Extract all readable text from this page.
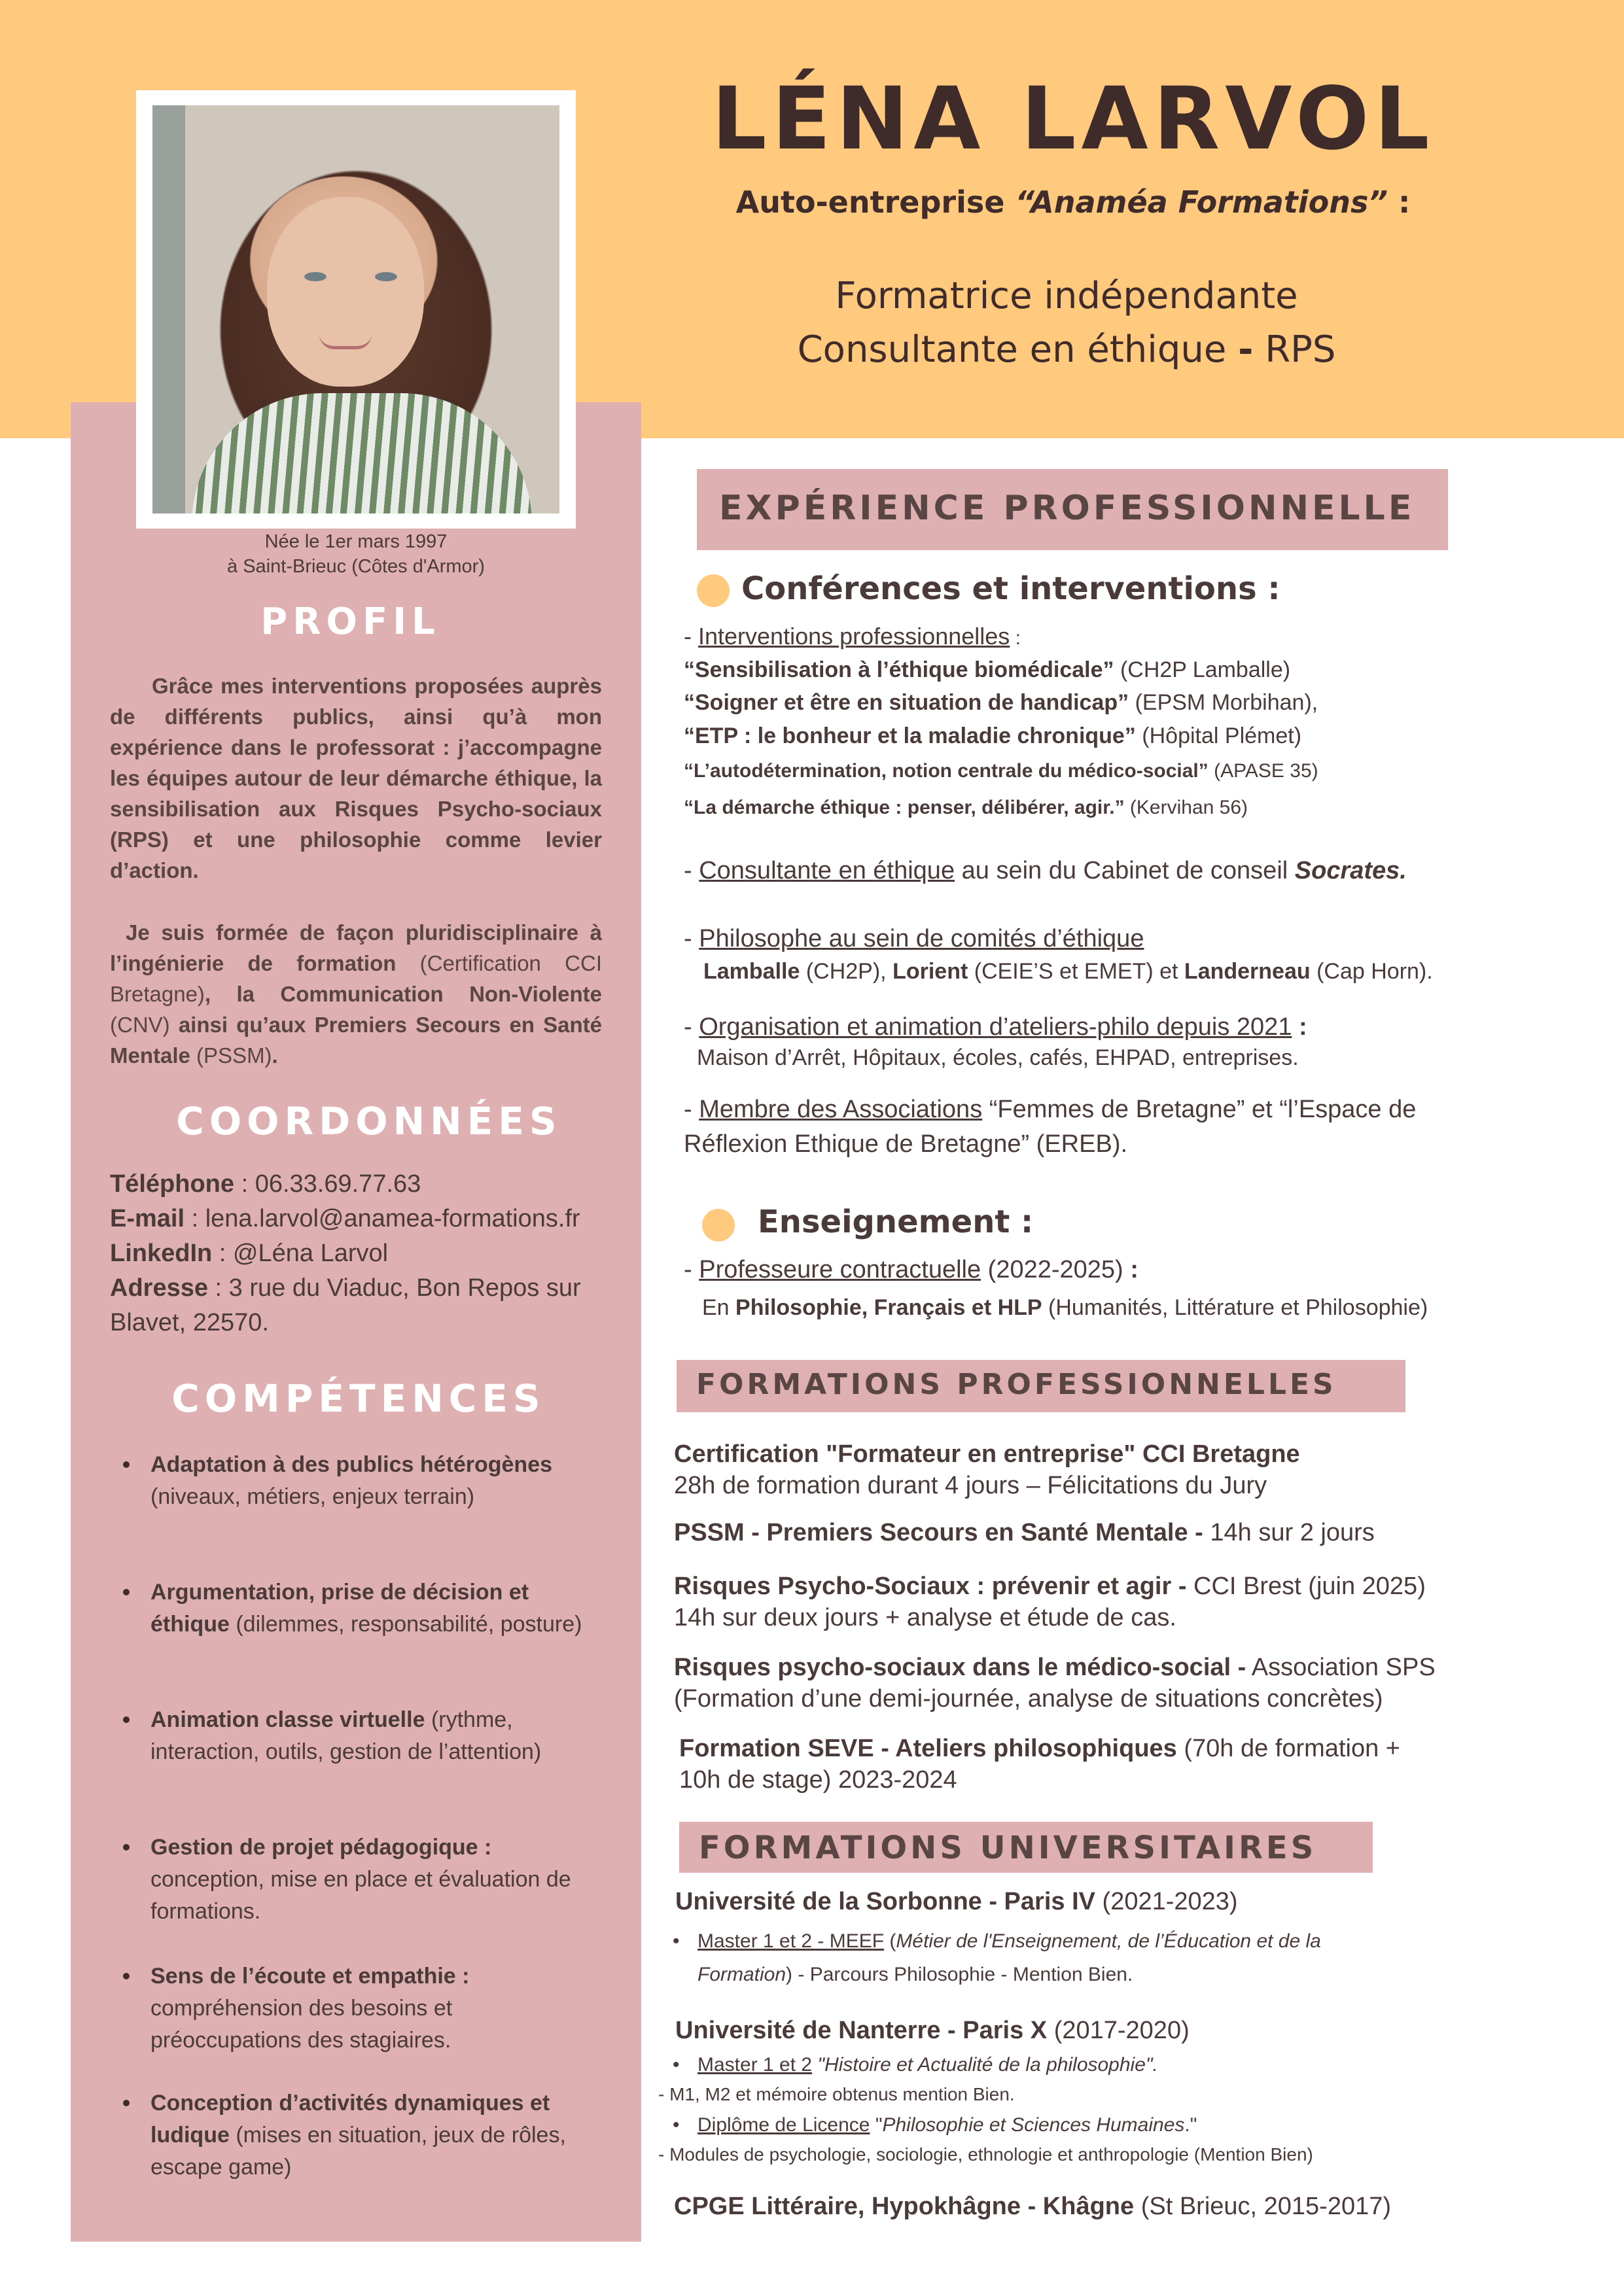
LÉNA LARVOL
Auto-entreprise “Anaméa Formations” :
Formatrice indépendante
Consultante en éthique - RPS
Née le 1er mars 1997
à Saint-Brieuc (Côtes d'Armor)
PROFIL
Grâce mes interventions proposées auprès de différents publics, ainsi qu’à mon expérience dans le professorat : j’accompagne les équipes autour de leur démarche éthique, la sensibilisation aux Risques Psycho-sociaux (RPS) et une philosophie comme levier d’action.
Je suis formée de façon pluridisciplinaire à l’ingénierie de formation (Certification CCI Bretagne), la Communication Non-Violente (CNV) ainsi qu’aux Premiers Secours en Santé Mentale (PSSM).
COORDONNÉES
Téléphone : 06.33.69.77.63
E-mail : lena.larvol@anamea-formations.fr
LinkedIn : @Léna Larvol
Adresse : 3 rue du Viaduc, Bon Repos sur
Blavet, 22570.
COMPÉTENCES
Adaptation à des publics hétérogènes (niveaux, métiers, enjeux terrain)
Argumentation, prise de décision et éthique (dilemmes, responsabilité, posture)
Animation classe virtuelle (rythme, interaction, outils, gestion de l’attention)
Gestion de projet pédagogique : conception, mise en place et évaluation de formations.
Sens de l’écoute et empathie : compréhension des besoins et préoccupations des stagiaires.
Conception d’activités dynamiques et ludique (mises en situation, jeux de rôles, escape game)
EXPÉRIENCE PROFESSIONNELLE
Conférences et interventions :
- Interventions professionnelles :
“Sensibilisation à l’éthique biomédicale” (CH2P Lamballe)
“Soigner et être en situation de handicap” (EPSM Morbihan),
“ETP : le bonheur et la maladie chronique” (Hôpital Plémet)
“L’autodétermination, notion centrale du médico-social” (APASE 35)
“La démarche éthique : penser, délibérer, agir.” (Kervihan 56)
- Consultante en éthique au sein du Cabinet de conseil Socrates.
- Philosophe au sein de comités d’éthique
Lamballe (CH2P), Lorient (CEIE’S et EMET) et Landerneau (Cap Horn).
- Organisation et animation d’ateliers-philo depuis 2021 :
Maison d’Arrêt, Hôpitaux, écoles, cafés, EHPAD, entreprises.
- Membre des Associations “Femmes de Bretagne” et “l’Espace de
Réflexion Ethique de Bretagne” (EREB).
Enseignement :
- Professeure contractuelle (2022-2025) :
En Philosophie, Français et HLP (Humanités, Littérature et Philosophie)
FORMATIONS PROFESSIONNELLES
Certification "Formateur en entreprise" CCI Bretagne
28h de formation durant 4 jours – Félicitations du Jury
PSSM - Premiers Secours en Santé Mentale - 14h sur 2 jours
Risques Psycho-Sociaux : prévenir et agir - CCI Brest (juin 2025)
14h sur deux jours + analyse et étude de cas.
Risques psycho-sociaux dans le médico-social - Association SPS
(Formation d’une demi-journée, analyse de situations concrètes)
Formation SEVE - Ateliers philosophiques (70h de formation +
10h de stage) 2023-2024
FORMATIONS UNIVERSITAIRES
Université de la Sorbonne - Paris IV (2021-2023)
• Master 1 et 2 - MEEF (Métier de l'Enseignement, de l’Éducation et de la
Formation) - Parcours Philosophie - Mention Bien.
Université de Nanterre - Paris X (2017-2020)
• Master 1 et 2 "Histoire et Actualité de la philosophie".
- M1, M2 et mémoire obtenus mention Bien.
• Diplôme de Licence "Philosophie et Sciences Humaines."
- Modules de psychologie, sociologie, ethnologie et anthropologie (Mention Bien)
CPGE Littéraire, Hypokhâgne - Khâgne (St Brieuc, 2015-2017)
